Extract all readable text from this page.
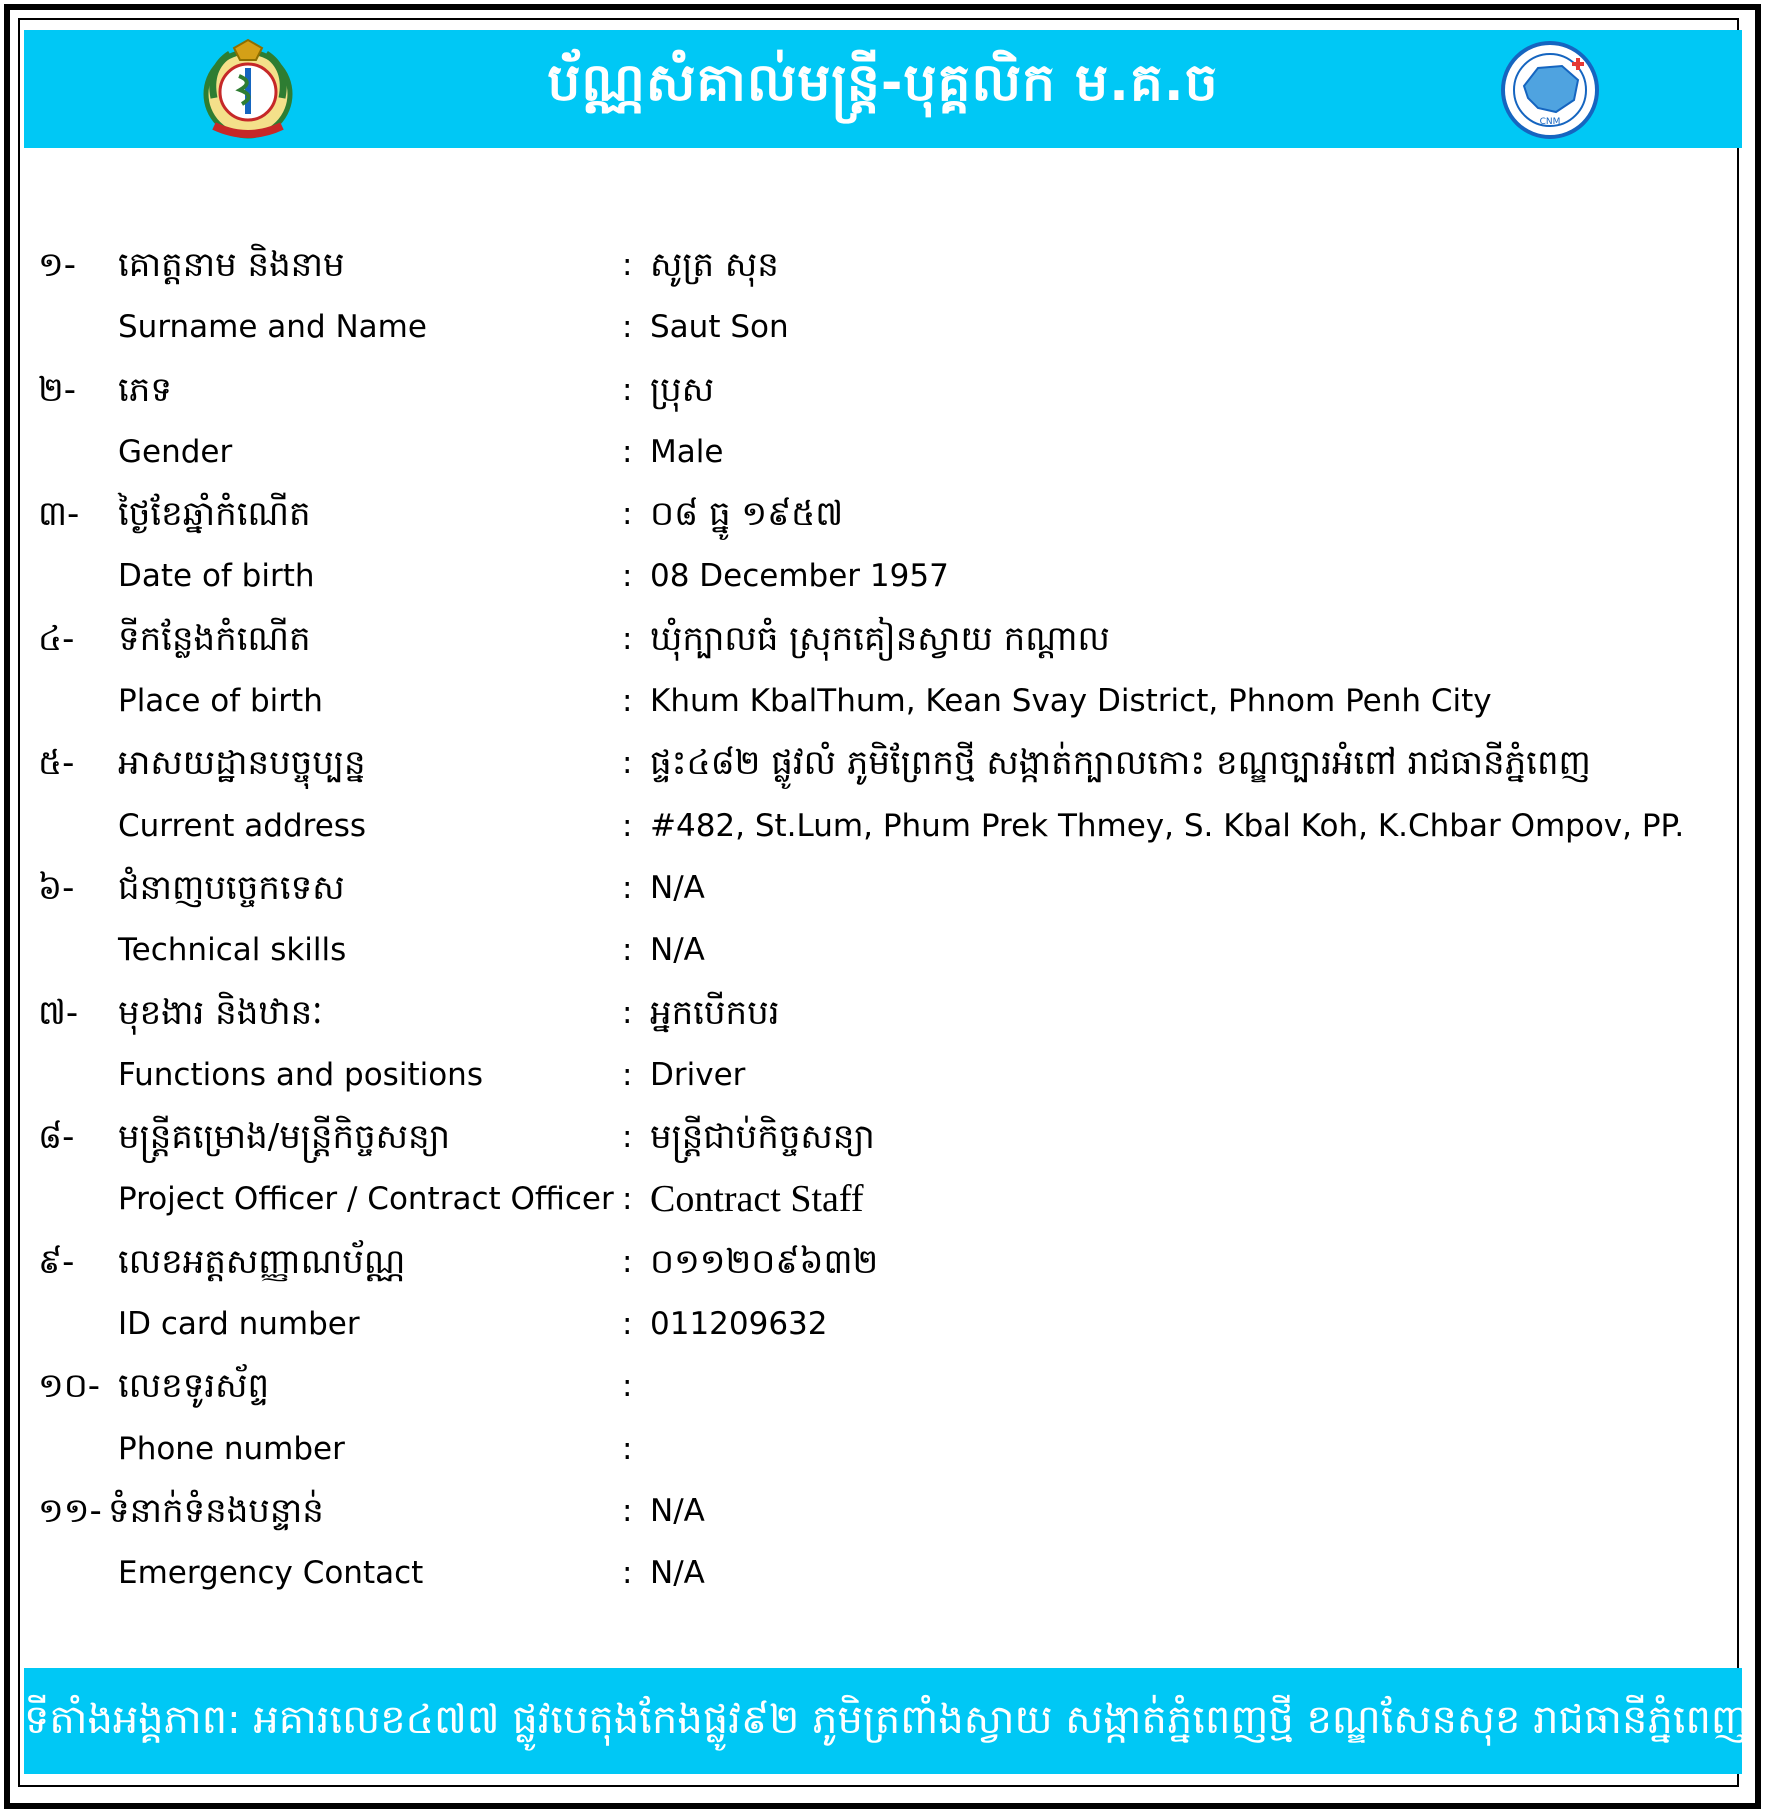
ប័ណ្ណសំគាល់មន្ត្រី-បុគ្គលិក ម.គ.ច
CNM
១- គោត្តនាម និងនាម	: សូត្រ សុន
Surname and Name	: Saut Son
២- ភេទ	: ប្រុស
Gender	: Male
៣- ថ្ងៃខែឆ្នាំកំណើត	: ០៨ ធ្នូ ១៩៥៧
Date of birth	: 08 December 1957
៤- ទីកន្លែងកំណើត	: ឃុំក្បាលធំ ស្រុកគៀនស្វាយ កណ្តាល
Place of birth	: Khum KbalThum, Kean Svay District, Phnom Penh City
៥- អាសយដ្ឋានបច្ចុប្បន្ន	: ផ្ទះ៤៨២ ផ្លូវលំ ភូមិព្រែកថ្មី សង្កាត់ក្បាលកោះ ខណ្ឌច្បារអំពៅ រាជធានីភ្នំពេញ
Current address	: #482, St.Lum, Phum Prek Thmey, S. Kbal Koh, K.Chbar Ompov, PP.
៦- ជំនាញបច្ចេកទេស	: N/A
Technical skills	: N/A
៧- មុខងារ និងឋានៈ	: អ្នកបើកបរ
Functions and positions	: Driver
៨- មន្ត្រីគម្រោង/មន្ត្រីកិច្ចសន្យា	: មន្ត្រីជាប់កិច្ចសន្យា
Project Officer / Contract Officer : Contract Staff
៩- លេខអត្តសញ្ញាណប័ណ្ណ	: ០១១២០៩៦៣២
ID card number	: 011209632
១០- លេខទូរស័ព្ទ	:
Phone number	:
១១- ទំនាក់ទំនងបន្ទាន់	: N/A
Emergency Contact	: N/A
ទីតាំងអង្គភាព: អគារលេខ៤៧៧ ផ្លូវបេតុងកែងផ្លូវ៩២ ភូមិត្រពាំងស្វាយ សង្កាត់ភ្នំពេញថ្មី ខណ្ឌសែនសុខ រាជធានីភ្នំពេញ
